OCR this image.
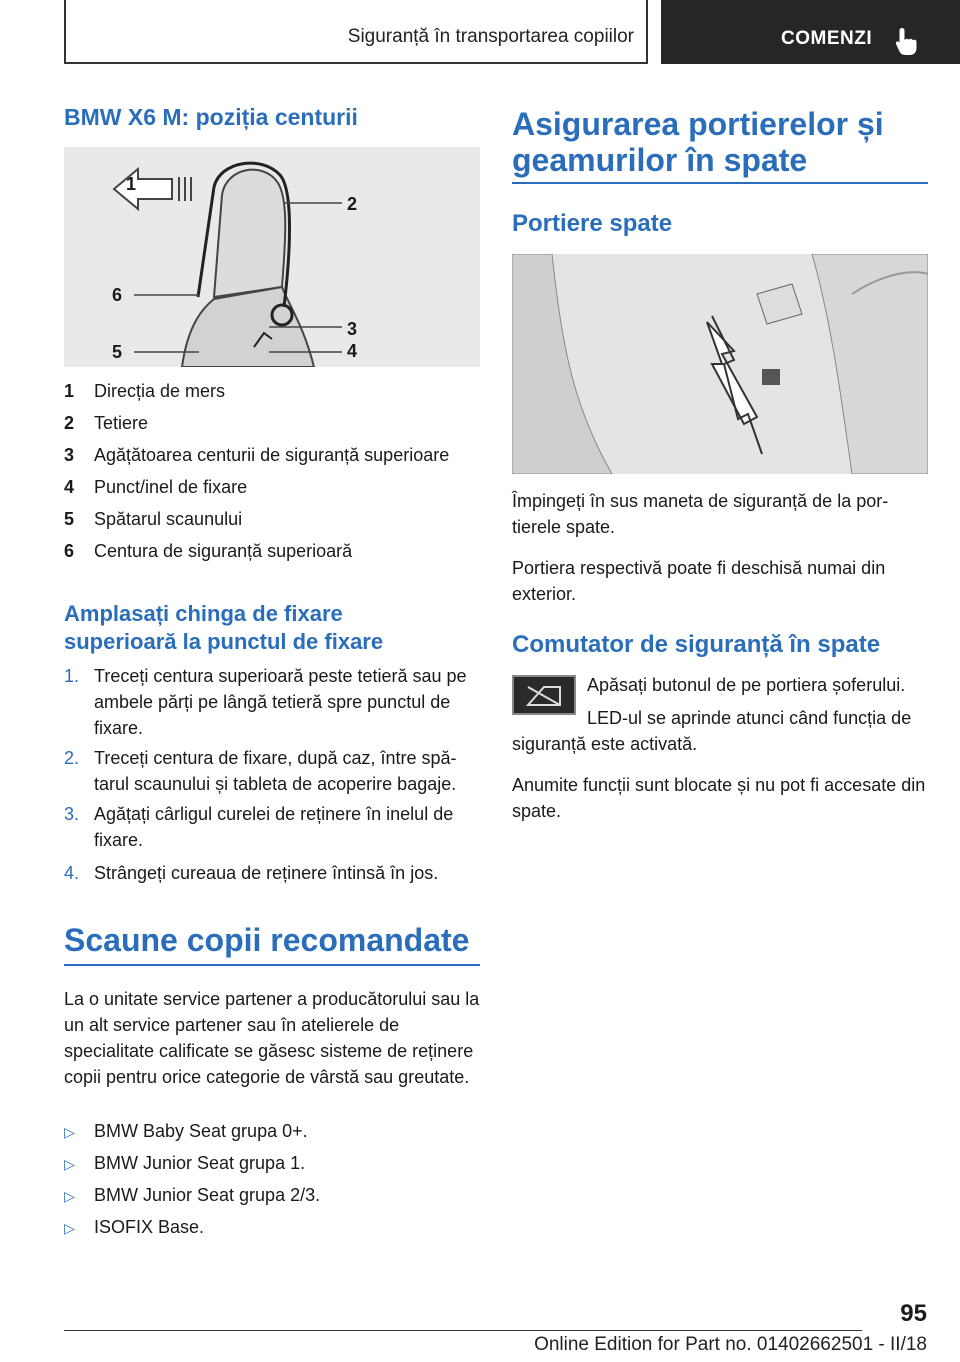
Siguranță în transportarea copiilor	COMENZI
BMW X6 M: poziția centurii
1
2
6
3
5	4
1	Direcția de mers
2	Tetiere
3	Agățătoarea centurii de siguranță superioare
4	Punct/inel de fixare
5	Spătarul scaunului
6	Centura de siguranță superioară
Amplasați chinga de fixare
superioară la punctul de fixare
1. Treceți centura superioară peste tetieră sau pe ambele părți pe lângă tetieră spre punctul de fixare.
2. Treceți centura de fixare, după caz, între spătarul scaunului și tableta de acoperire bagaje.
3. Agățați cârligul curelei de reținere în inelul de fixare.
4. Strângeți cureaua de reținere întinsă în jos.
Scaune copii recomandate
La o unitate service partener a producătorului sau la un alt service partener sau în atelierele de specialitate calificate se găsesc sisteme de reținere copii pentru orice categorie de vârstă sau greutate.
▷ BMW Baby Seat grupa 0+.
▷ BMW Junior Seat grupa 1.
▷ BMW Junior Seat grupa 2/3.
▷ ISOFIX Base.
Asigurarea portierelor și
geamurilor în spate
Portiere spate
Împingeți în sus maneta de siguranță de la portierele spate.
Portiera respectivă poate fi deschisă numai din exterior.
Comutator de siguranță în spate
Apăsați butonul de pe portiera șoferului.
LED-ul se aprinde atunci când funcția de siguranță este activată.
Anumite funcții sunt blocate și nu pot fi accesate din spate.
95
Online Edition for Part no. 01402662501 - II/18
